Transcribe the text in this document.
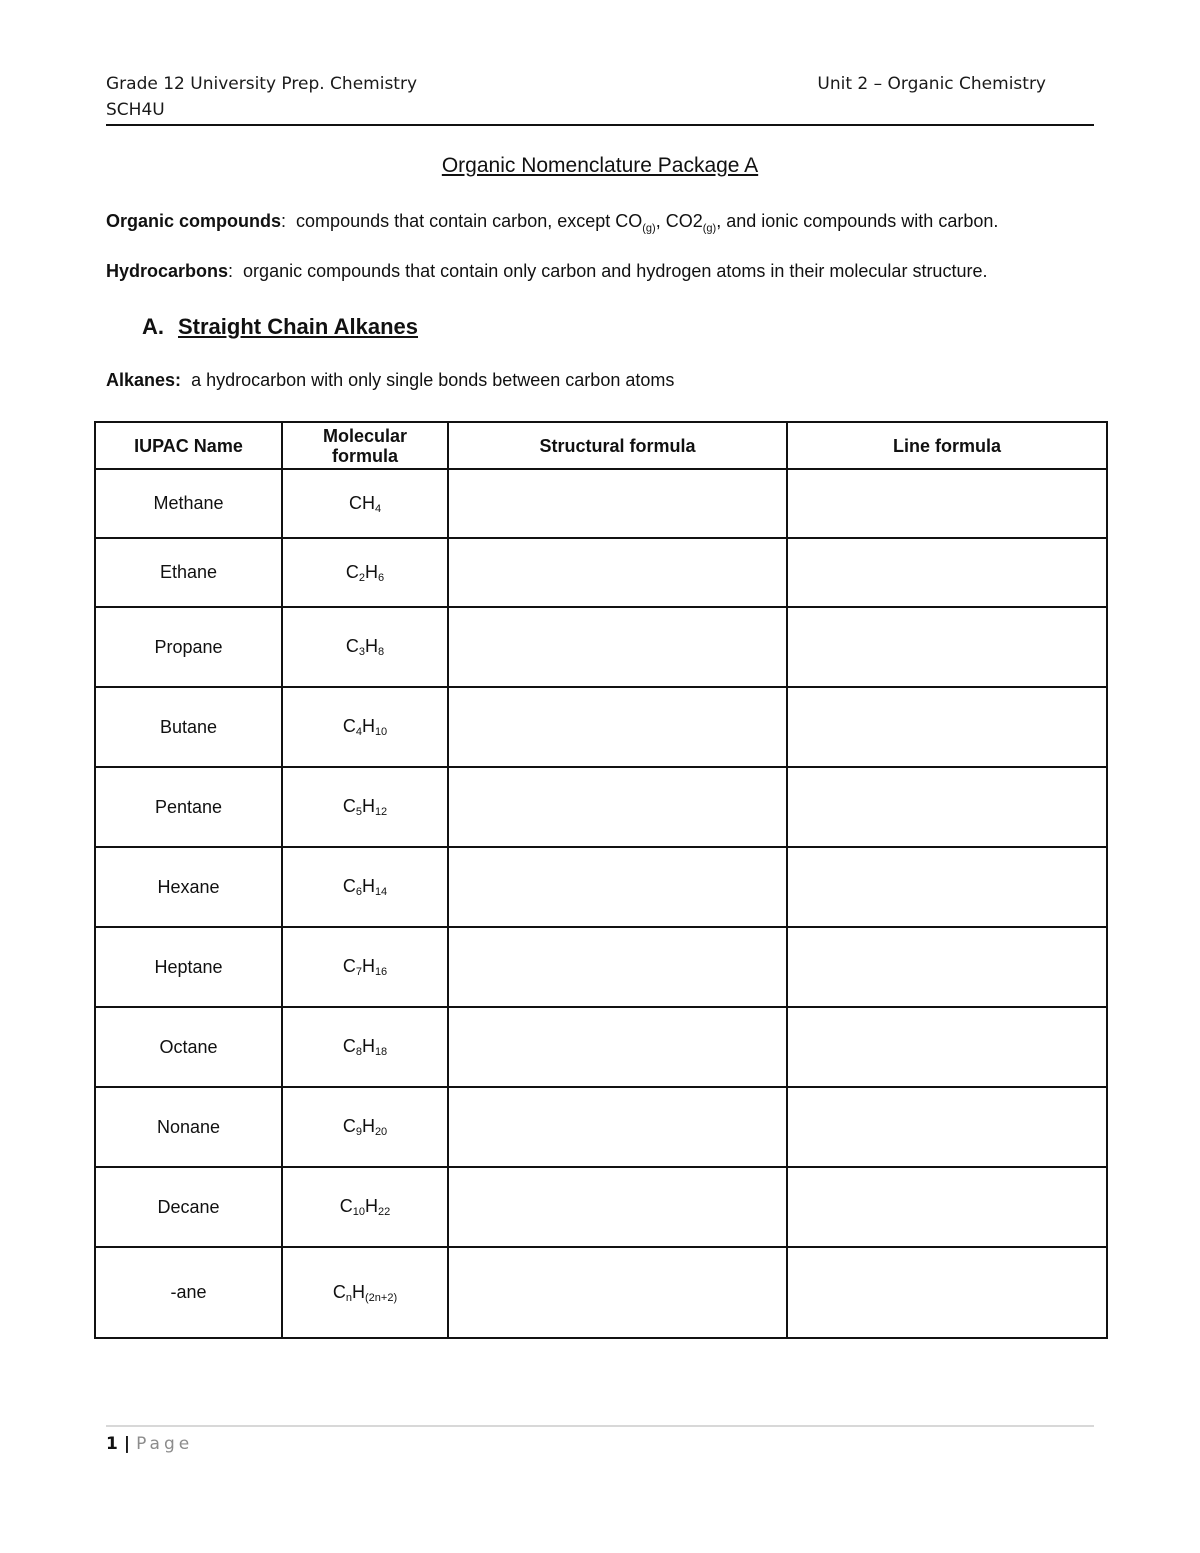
Grade 12 University Prep. Chemistry	Unit 2 – Organic Chemistry
SCH4U
Organic Nomenclature Package A
Organic compounds:  compounds that contain carbon, except $CO_{(g)}$, $CO2_{(g)}$, and ionic compounds with carbon.
Hydrocarbons:  organic compounds that contain only carbon and hydrogen atoms in their molecular structure.
A. Straight Chain Alkanes
Alkanes: a hydrocarbon with only single bonds between carbon atoms
IUPAC Name	Molecular formula	Structural formula	Line formula
Methane	$CH_4$		
Ethane	$C_2H_6$		
Propane	$C_3H_8$		
Butane	$C_4H_{10}$		
Pentane	$C_5H_{12}$		
Hexane	$C_6H_{14}$		
Heptane	$C_7H_{16}$		
Octane	$C_8H_{18}$		
Nonane	$C_9H_{20}$		
Decane	$C_{10}H_{22}$		
-ane	$C_nH_{(2n+2)}$		
1 | Page
